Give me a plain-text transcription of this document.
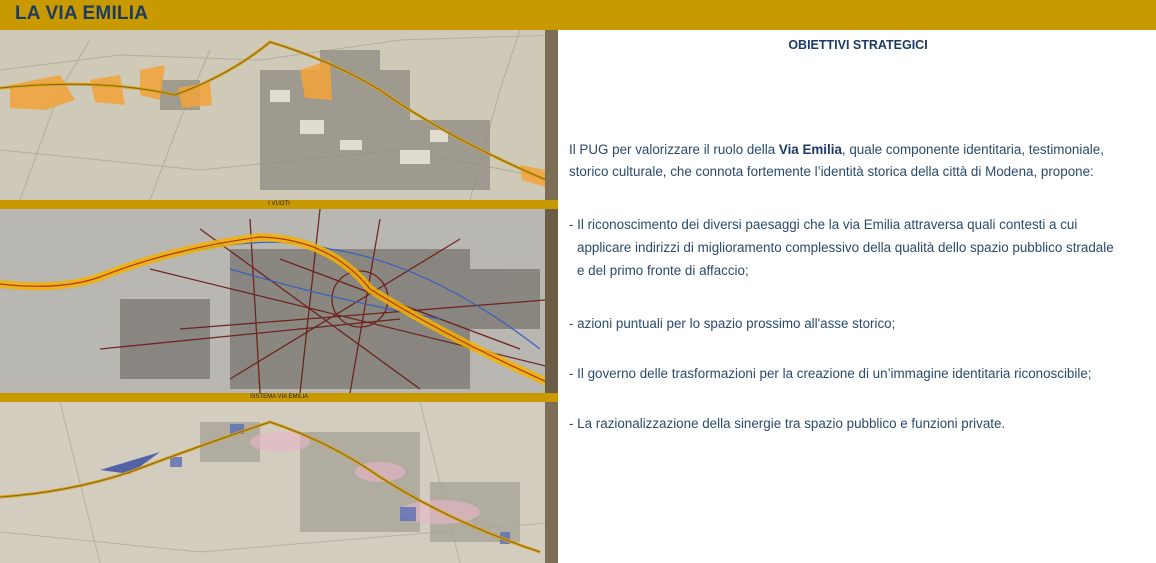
LA VIA EMILIA
I VUOTI
SISTEMA VIA EMILIA
OBIETTIVI STRATEGICI
Il PUG per valorizzare il ruolo della Via Emilia, quale componente identitaria, testimoniale, storico culturale, che connota fortemente l’identità storica della città di Modena, propone:
- Il riconoscimento dei diversi paesaggi che la via Emilia attraversa quali contesti a cui
applicare indirizzi di miglioramento complessivo della qualità dello spazio pubblico stradale
e del primo fronte di affaccio;
- azioni puntuali per lo spazio prossimo all'asse storico;
- Il governo delle trasformazioni per la creazione di un’immagine identitaria riconoscibile;
- La razionalizzazione della sinergie tra spazio pubblico e funzioni private.
